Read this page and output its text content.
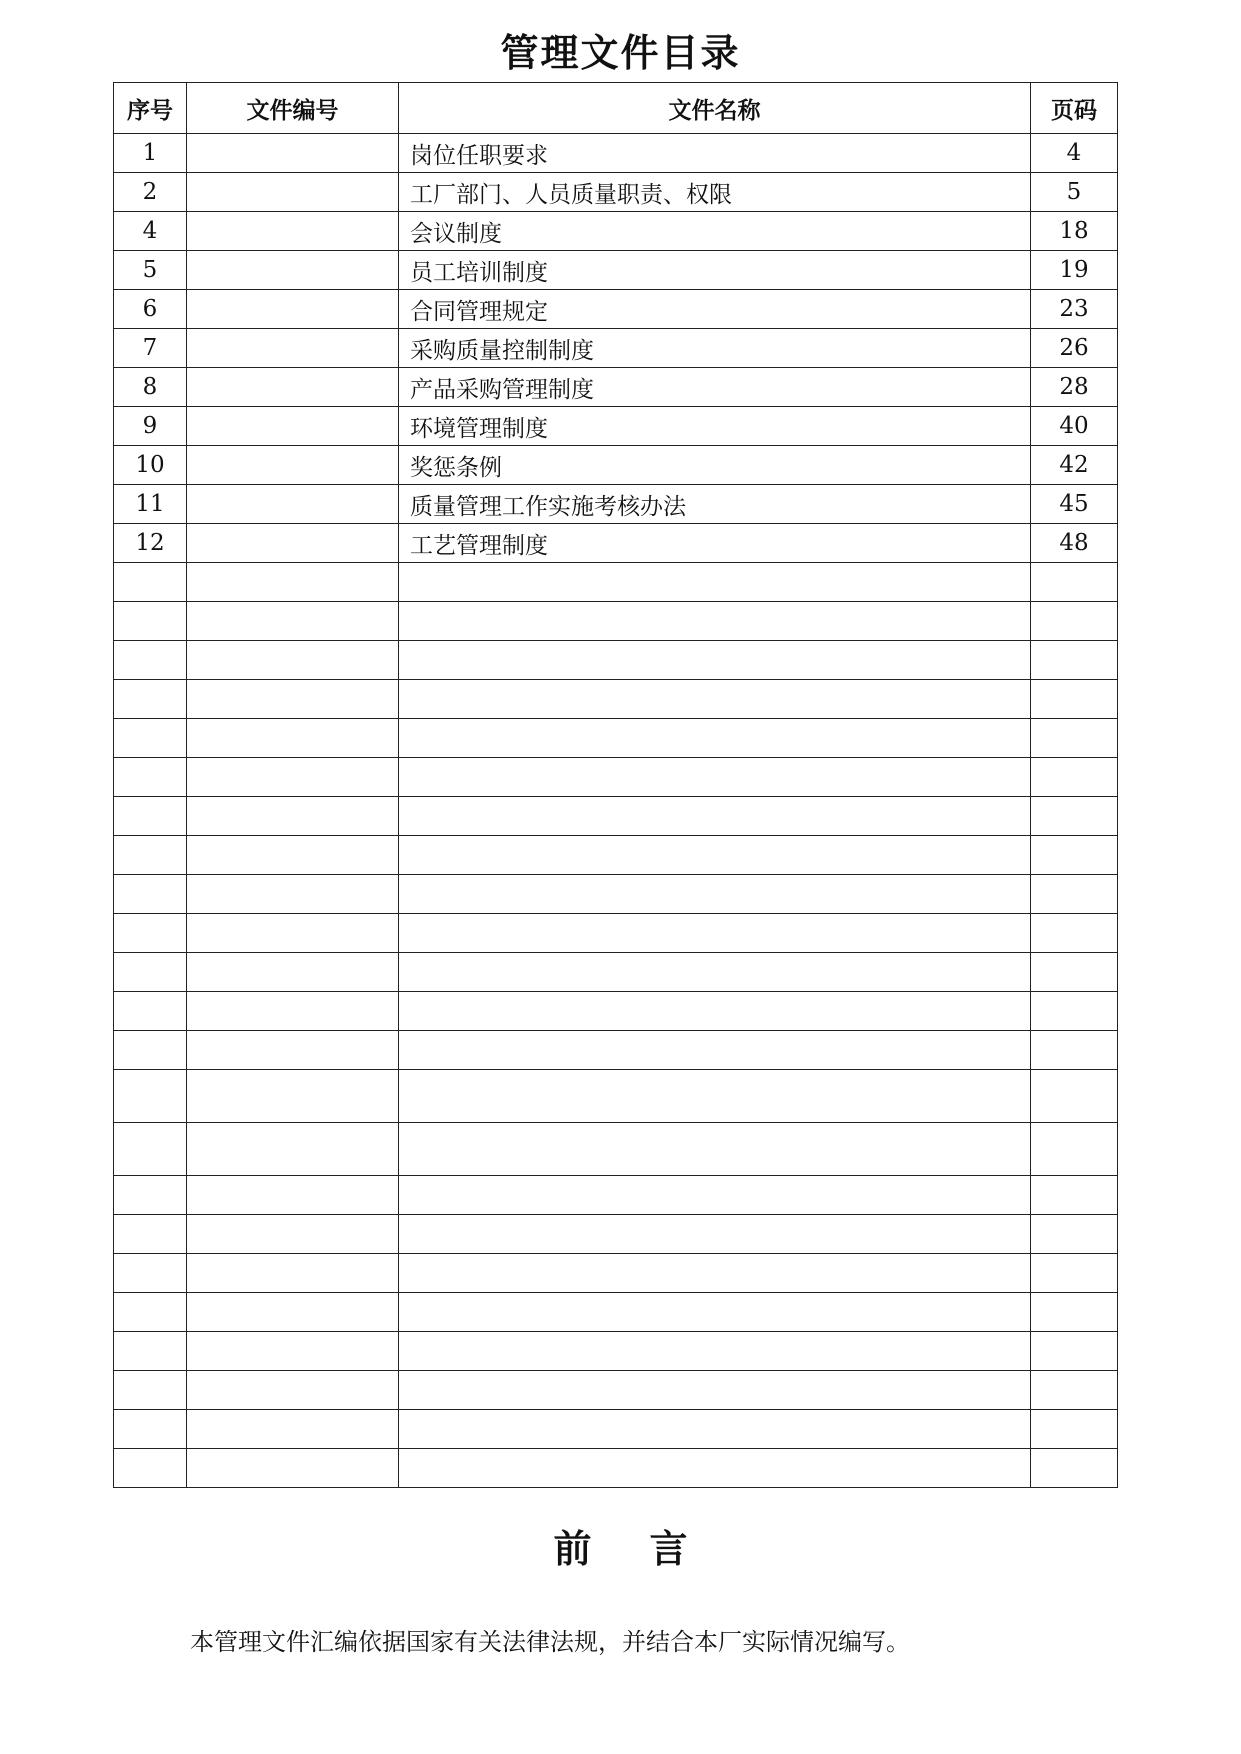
管理文件目录
序号	文件编号	文件名称	页码
1		岗位任职要求	4
2		工厂部门、人员质量职责、权限	5
4		会议制度	18
5		员工培训制度	19
6		合同管理规定	23
7		采购质量控制制度	26
8		产品采购管理制度	28
9		环境管理制度	40
10		奖惩条例	42
11		质量管理工作实施考核办法	45
12		工艺管理制度	48

前 言
本管理文件汇编依据国家有关法律法规，并结合本厂实际情况编写。
